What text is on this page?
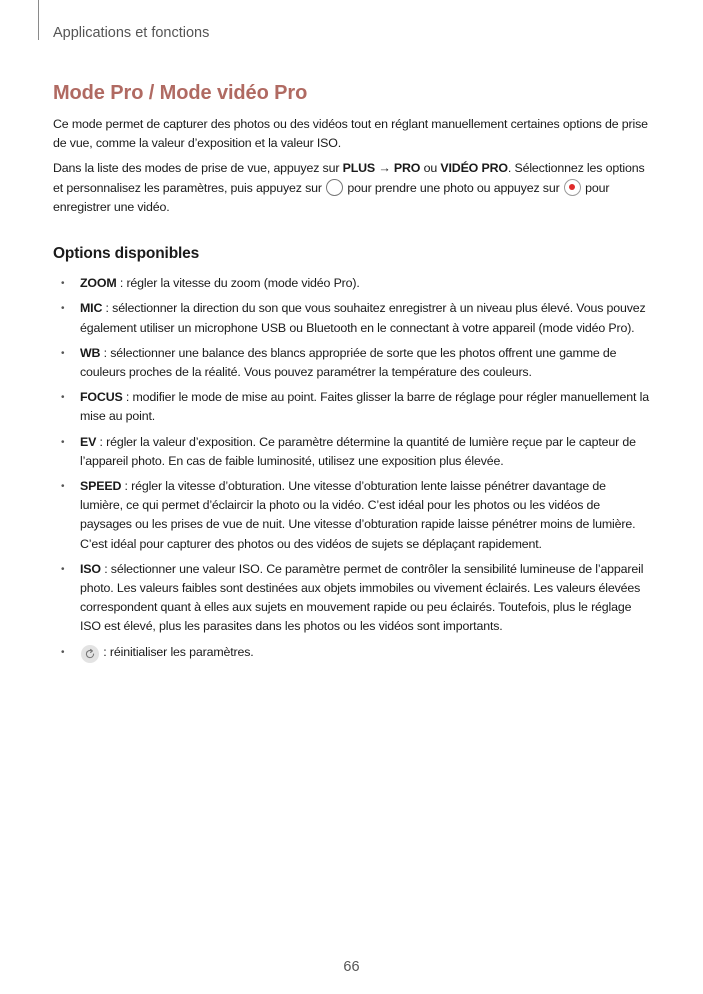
Applications et fonctions
Mode Pro / Mode vidéo Pro

Ce mode permet de capturer des photos ou des vidéos tout en réglant manuellement certaines options de prise de vue, comme la valeur d’exposition et la valeur ISO.

Dans la liste des modes de prise de vue, appuyez sur PLUS → PRO ou VIDÉO PRO. Sélectionnez les options et personnalisez les paramètres, puis appuyez sur  pour prendre une photo ou appuyez sur  pour enregistrer une vidéo.

Options disponibles
• ZOOM : régler la vitesse du zoom (mode vidéo Pro).
• MIC : sélectionner la direction du son que vous souhaitez enregistrer à un niveau plus élevé. Vous pouvez également utiliser un microphone USB ou Bluetooth en le connectant à votre appareil (mode vidéo Pro).
• WB : sélectionner une balance des blancs appropriée de sorte que les photos offrent une gamme de couleurs proches de la réalité. Vous pouvez paramétrer la température des couleurs.
• FOCUS : modifier le mode de mise au point. Faites glisser la barre de réglage pour régler manuellement la mise au point.
• EV : régler la valeur d’exposition. Ce paramètre détermine la quantité de lumière reçue par le capteur de l’appareil photo. En cas de faible luminosité, utilisez une exposition plus élevée.
• SPEED : régler la vitesse d’obturation. Une vitesse d’obturation lente laisse pénétrer davantage de lumière, ce qui permet d’éclaircir la photo ou la vidéo. C’est idéal pour les photos ou les vidéos de paysages ou les prises de vue de nuit. Une vitesse d’obturation rapide laisse pénétrer moins de lumière. C’est idéal pour capturer des photos ou des vidéos de sujets se déplaçant rapidement.
• ISO : sélectionner une valeur ISO. Ce paramètre permet de contrôler la sensibilité lumineuse de l’appareil photo. Les valeurs faibles sont destinées aux objets immobiles ou vivement éclairés. Les valeurs élevées correspondent quant à elles aux sujets en mouvement rapide ou peu éclairés. Toutefois, plus le réglage ISO est élevé, plus les parasites dans les photos ou les vidéos sont importants.
•	: réinitialiser les paramètres.
66
